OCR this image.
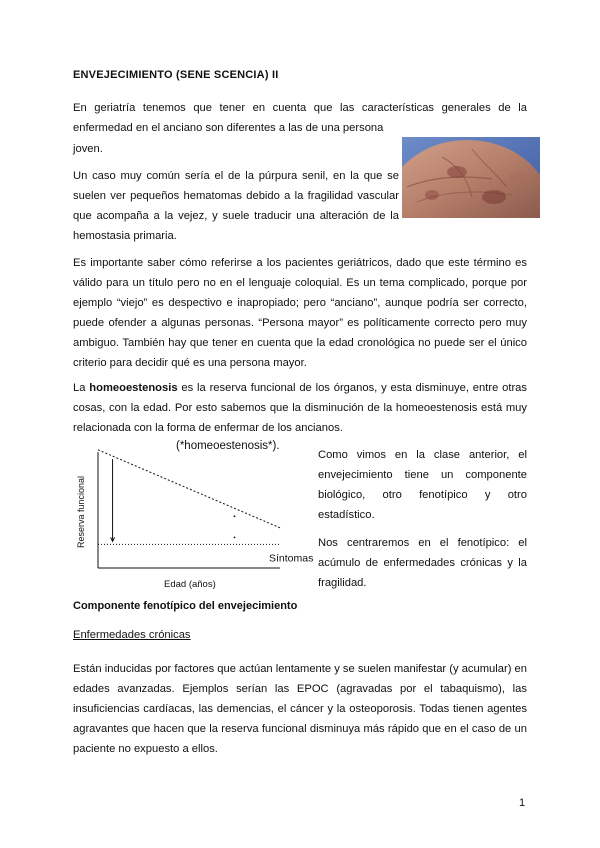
ENVEJECIMIENTO (SENE SCENCIA) II
En geriatría tenemos que tener en cuenta que las características generales de la enfermedad en el anciano son diferentes a las de una persona
joven.
Un caso muy común sería el de la púrpura senil, en la que se suelen ver pequeños hematomas debido a la fragilidad vascular que acompaña a la vejez, y suele traducir una alteración de la hemostasia primaria.
Es importante saber cómo referirse a los pacientes geriátricos, dado que este término es válido para un título pero no en el lenguaje coloquial. Es un tema complicado, porque por ejemplo “viejo” es despectivo e inapropiado; pero “anciano”, aunque podría ser correcto, puede ofender a algunas personas. “Persona mayor” es políticamente correcto pero muy ambiguo. También hay que tener en cuenta que la edad cronológica no puede ser el único criterio para decidir qué es una persona mayor.
La homeoestenosis es la reserva funcional de los órganos, y esta disminuye, entre otras cosas, con la edad. Por esto sabemos que la disminución de la homeoestenosis está muy relacionada con la forma de enfermar de los ancianos.
(*homeoestenosis*).
Reserva funcional
Edad (años)
Síntomas
Como vimos en la clase anterior, el envejecimiento tiene un componente biológico, otro fenotípico y otro estadístico.
Nos centraremos en el fenotípico: el acúmulo de enfermedades crónicas y la fragilidad.
Componente fenotípico del envejecimiento
Enfermedades crónicas
Están inducidas por factores que actúan lentamente y se suelen manifestar (y acumular) en edades avanzadas. Ejemplos serían las EPOC (agravadas por el tabaquismo), las insuficiencias cardíacas, las demencias, el cáncer y la osteoporosis. Todas tienen agentes agravantes que hacen que la reserva funcional disminuya más rápido que en el caso de un paciente no expuesto a ellos.
1
